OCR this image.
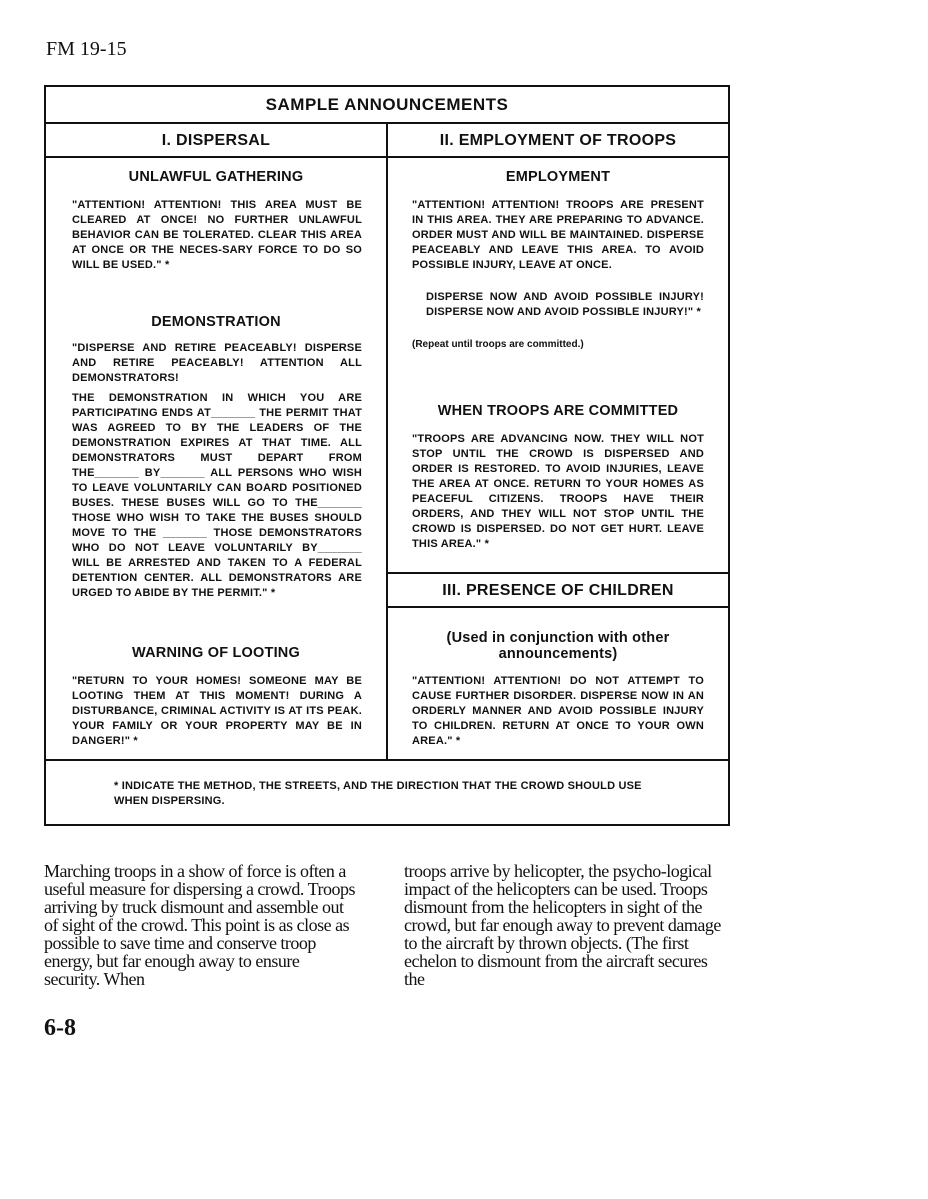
FM 19-15
SAMPLE ANNOUNCEMENTS
I. DISPERSAL
UNLAWFUL GATHERING
"ATTENTION! ATTENTION! THIS AREA MUST BE CLEARED AT ONCE! NO FURTHER UNLAWFUL BEHAVIOR CAN BE TOLERATED. CLEAR THIS AREA AT ONCE OR THE NECES-SARY FORCE TO DO SO WILL BE USED." *
DEMONSTRATION
"DISPERSE AND RETIRE PEACEABLY! DISPERSE AND RETIRE PEACEABLY! ATTENTION ALL DEMONSTRATORS!
THE DEMONSTRATION IN WHICH YOU ARE PARTICIPATING ENDS AT_______ THE PERMIT THAT WAS AGREED TO BY THE LEADERS OF THE DEMONSTRATION EXPIRES AT THAT TIME. ALL DEMONSTRATORS MUST DEPART FROM THE_______ BY_______ ALL PERSONS WHO WISH TO LEAVE VOLUNTARILY CAN BOARD POSITIONED BUSES. THESE BUSES WILL GO TO THE_______ THOSE WHO WISH TO TAKE THE BUSES SHOULD MOVE TO THE _______ THOSE DEMONSTRATORS WHO DO NOT LEAVE VOLUNTARILY BY_______ WILL BE ARRESTED AND TAKEN TO A FEDERAL DETENTION CENTER. ALL DEMONSTRATORS ARE URGED TO ABIDE BY THE PERMIT." *
WARNING OF LOOTING
"RETURN TO YOUR HOMES! SOMEONE MAY BE LOOTING THEM AT THIS MOMENT! DURING A DISTURBANCE, CRIMINAL ACTIVITY IS AT ITS PEAK. YOUR FAMILY OR YOUR PROPERTY MAY BE IN DANGER!" *
II. EMPLOYMENT OF TROOPS
EMPLOYMENT
"ATTENTION! ATTENTION! TROOPS ARE PRESENT IN THIS AREA. THEY ARE PREPARING TO ADVANCE. ORDER MUST AND WILL BE MAINTAINED. DISPERSE PEACEABLY AND LEAVE THIS AREA. TO AVOID POSSIBLE INJURY, LEAVE AT ONCE.
DISPERSE NOW AND AVOID POSSIBLE INJURY! DISPERSE NOW AND AVOID POSSIBLE INJURY!" *
(Repeat until troops are committed.)
WHEN TROOPS ARE COMMITTED
"TROOPS ARE ADVANCING NOW. THEY WILL NOT STOP UNTIL THE CROWD IS DISPERSED AND ORDER IS RESTORED. TO AVOID INJURIES, LEAVE THE AREA AT ONCE. RETURN TO YOUR HOMES AS PEACEFUL CITIZENS. TROOPS HAVE THEIR ORDERS, AND THEY WILL NOT STOP UNTIL THE CROWD IS DISPERSED. DO NOT GET HURT. LEAVE THIS AREA." *
III. PRESENCE OF CHILDREN
(Used in conjunction with other announcements)
"ATTENTION! ATTENTION! DO NOT ATTEMPT TO CAUSE FURTHER DISORDER. DISPERSE NOW IN AN ORDERLY MANNER AND AVOID POSSIBLE INJURY TO CHILDREN. RETURN AT ONCE TO YOUR OWN AREA." *
* INDICATE THE METHOD, THE STREETS, AND THE DIRECTION THAT THE CROWD SHOULD USE WHEN DISPERSING.
Marching troops in a show of force is often a useful measure for dispersing a crowd. Troops arriving by truck dismount and assemble out of sight of the crowd. This point is as close as possible to save time and conserve troop energy, but far enough away to ensure security. When
troops arrive by helicopter, the psycho-logical impact of the helicopters can be used. Troops dismount from the helicopters in sight of the crowd, but far enough away to prevent damage to the aircraft by thrown objects. (The first echelon to dismount from the aircraft secures the
6-8
